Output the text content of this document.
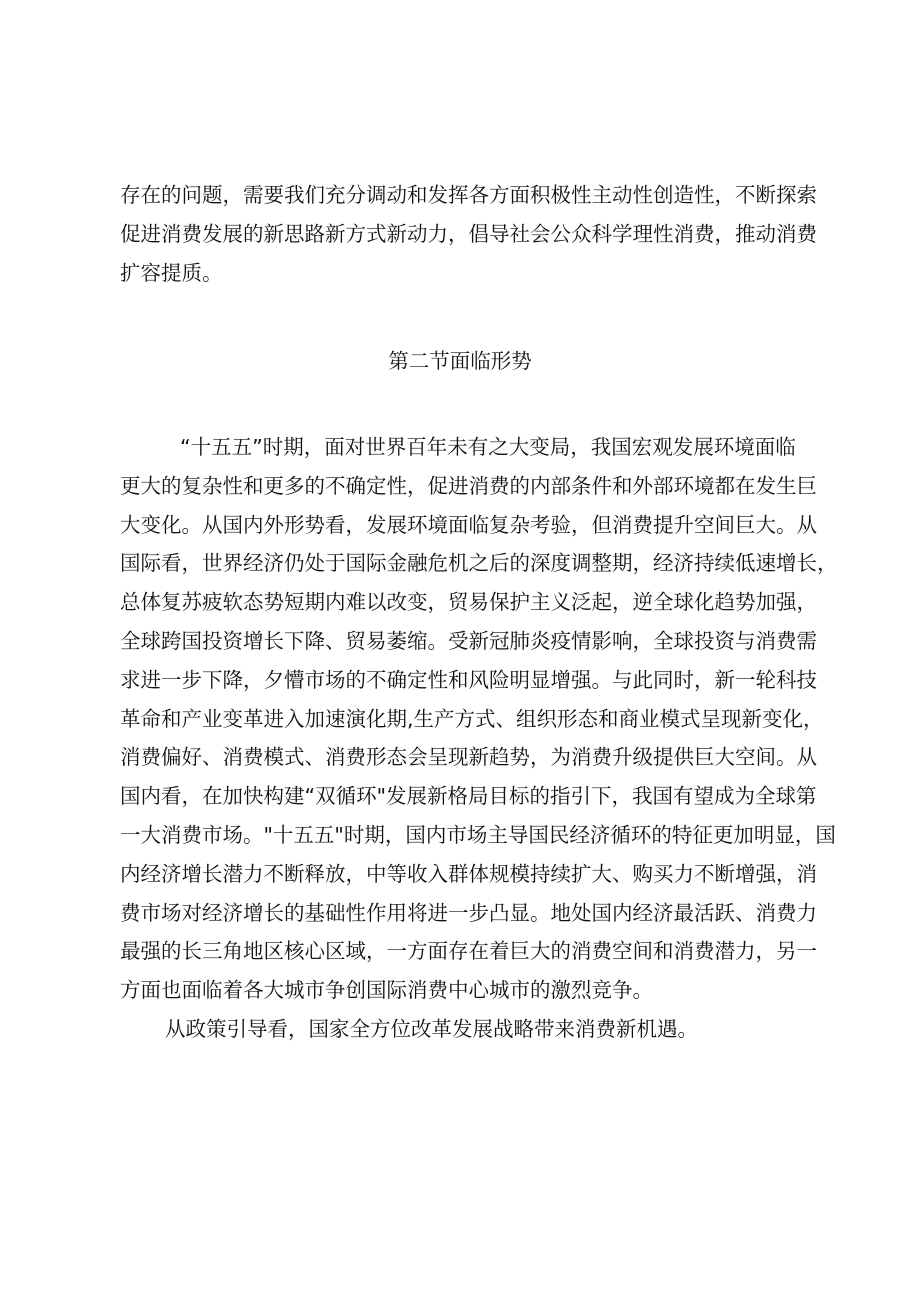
存在的问题，需要我们充分调动和发挥各方面积极性主动性创造性，不断探索
促进消费发展的新思路新方式新动力，倡导社会公众科学理性消费，推动消费
扩容提质。
第二节面临形势
“十五五”时期，面对世界百年未有之大变局，我国宏观发展环境面临
更大的复杂性和更多的不确定性，促进消费的内部条件和外部环境都在发生巨
大变化。从国内外形势看，发展环境面临复杂考验，但消费提升空间巨大。从
国际看，世界经济仍处于国际金融危机之后的深度调整期，经济持续低速增长，
总体复苏疲软态势短期内难以改变，贸易保护主义泛起，逆全球化趋势加强，
全球跨国投资增长下降、贸易萎缩。受新冠肺炎疫情影响，全球投资与消费需
求进一步下降，夕懵市场的不确定性和风险明显增强。与此同时，新一轮科技
革命和产业变革进入加速演化期,生产方式、组织形态和商业模式呈现新变化，
消费偏好、消费模式、消费形态会呈现新趋势，为消费升级提供巨大空间。从
国内看，在加快构建“双循环"发展新格局目标的指引下，我国有望成为全球第
一大消费市场。"十五五"时期，国内市场主导国民经济循环的特征更加明显，国
内经济增长潜力不断释放，中等收入群体规模持续扩大、购买力不断增强，消
费市场对经济增长的基础性作用将进一步凸显。地处国内经济最活跃、消费力
最强的长三角地区核心区域，一方面存在着巨大的消费空间和消费潜力，另一
方面也面临着各大城市争创国际消费中心城市的激烈竞争。
从政策引导看，国家全方位改革发展战略带来消费新机遇。
